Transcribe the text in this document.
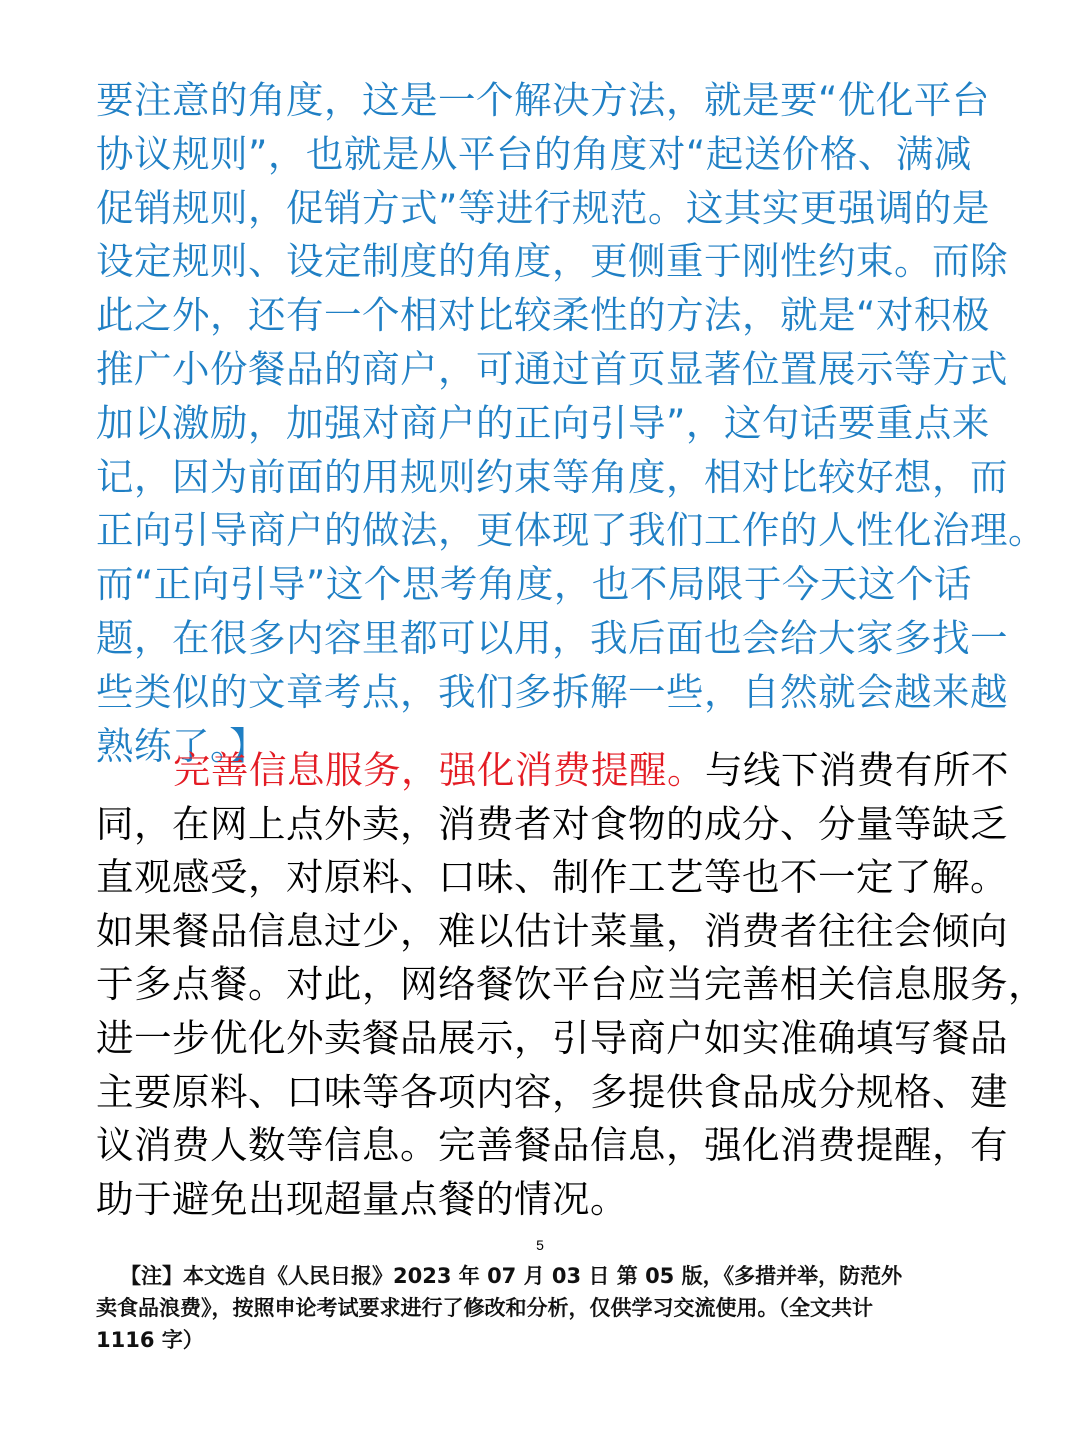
要注意的角度，这是一个解决方法，就是要“优化平台
协议规则”，也就是从平台的角度对“起送价格、满减
促销规则，促销方式”等进行规范。这其实更强调的是
设定规则、设定制度的角度，更侧重于刚性约束。而除
此之外，还有一个相对比较柔性的方法，就是“对积极
推广小份餐品的商户，可通过首页显著位置展示等方式
加以激励，加强对商户的正向引导”，这句话要重点来
记，因为前面的用规则约束等角度，相对比较好想，而
正向引导商户的做法，更体现了我们工作的人性化治理。
而“正向引导”这个思考角度，也不局限于今天这个话
题，在很多内容里都可以用，我后面也会给大家多找一
些类似的文章考点，我们多拆解一些，自然就会越来越
熟练了。】
完善信息服务，强化消费提醒。与线下消费有所不
同，在网上点外卖，消费者对食物的成分、分量等缺乏
直观感受，对原料、口味、制作工艺等也不一定了解。
如果餐品信息过少，难以估计菜量，消费者往往会倾向
于多点餐。对此，网络餐饮平台应当完善相关信息服务，
进一步优化外卖餐品展示，引导商户如实准确填写餐品
主要原料、口味等各项内容，多提供食品成分规格、建
议消费人数等信息。完善餐品信息，强化消费提醒，有
助于避免出现超量点餐的情况。
5
【注】本文选自《人民日报》2023 年 07 月 03 日 第 05 版，《多措并举，防范外
卖食品浪费》，按照申论考试要求进行了修改和分析，仅供学习交流使用。（全文共计
1116 字）
